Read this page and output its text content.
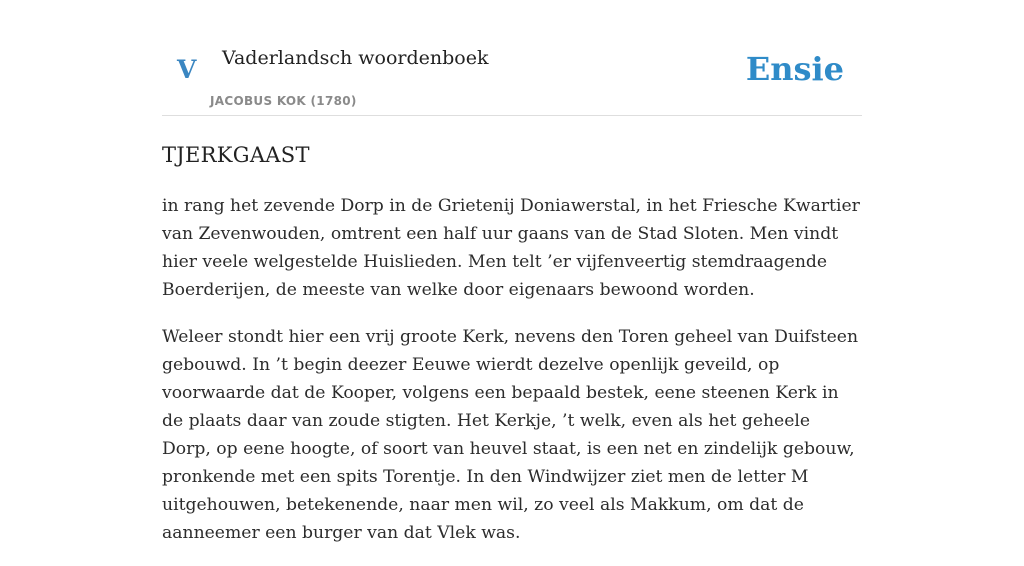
V Vaderlandsch woordenboek
JACOBUS KOK (1780)
Ensie
TJERKGAAST

in rang het zevende Dorp in de Grietenij Doniawerstal, in het Friesche Kwartier van Zevenwouden, omtrent een half uur gaans van de Stad Sloten. Men vindt hier veele welgestelde Huislieden. Men telt ’er vijfenveertig stemdraagende Boerderijen, de meeste van welke door eigenaars bewoond worden.

Weleer stondt hier een vrij groote Kerk, nevens den Toren geheel van Duifsteen gebouwd. In ’t begin deezer Eeuwe wierdt dezelve openlijk geveild, op voorwaarde dat de Kooper, volgens een bepaald bestek, eene steenen Kerk in de plaats daar van zoude stigten. Het Kerkje, ’t welk, even als het geheele Dorp, op eene hoogte, of soort van heuvel staat, is een net en zindelijk gebouw, pronkende met een spits Torentje. In den Windwijzer ziet men de letter M uitgehouwen, betekenende, naar men wil, zo veel als Makkum, om dat de aanneemer een burger van dat Vlek was.
